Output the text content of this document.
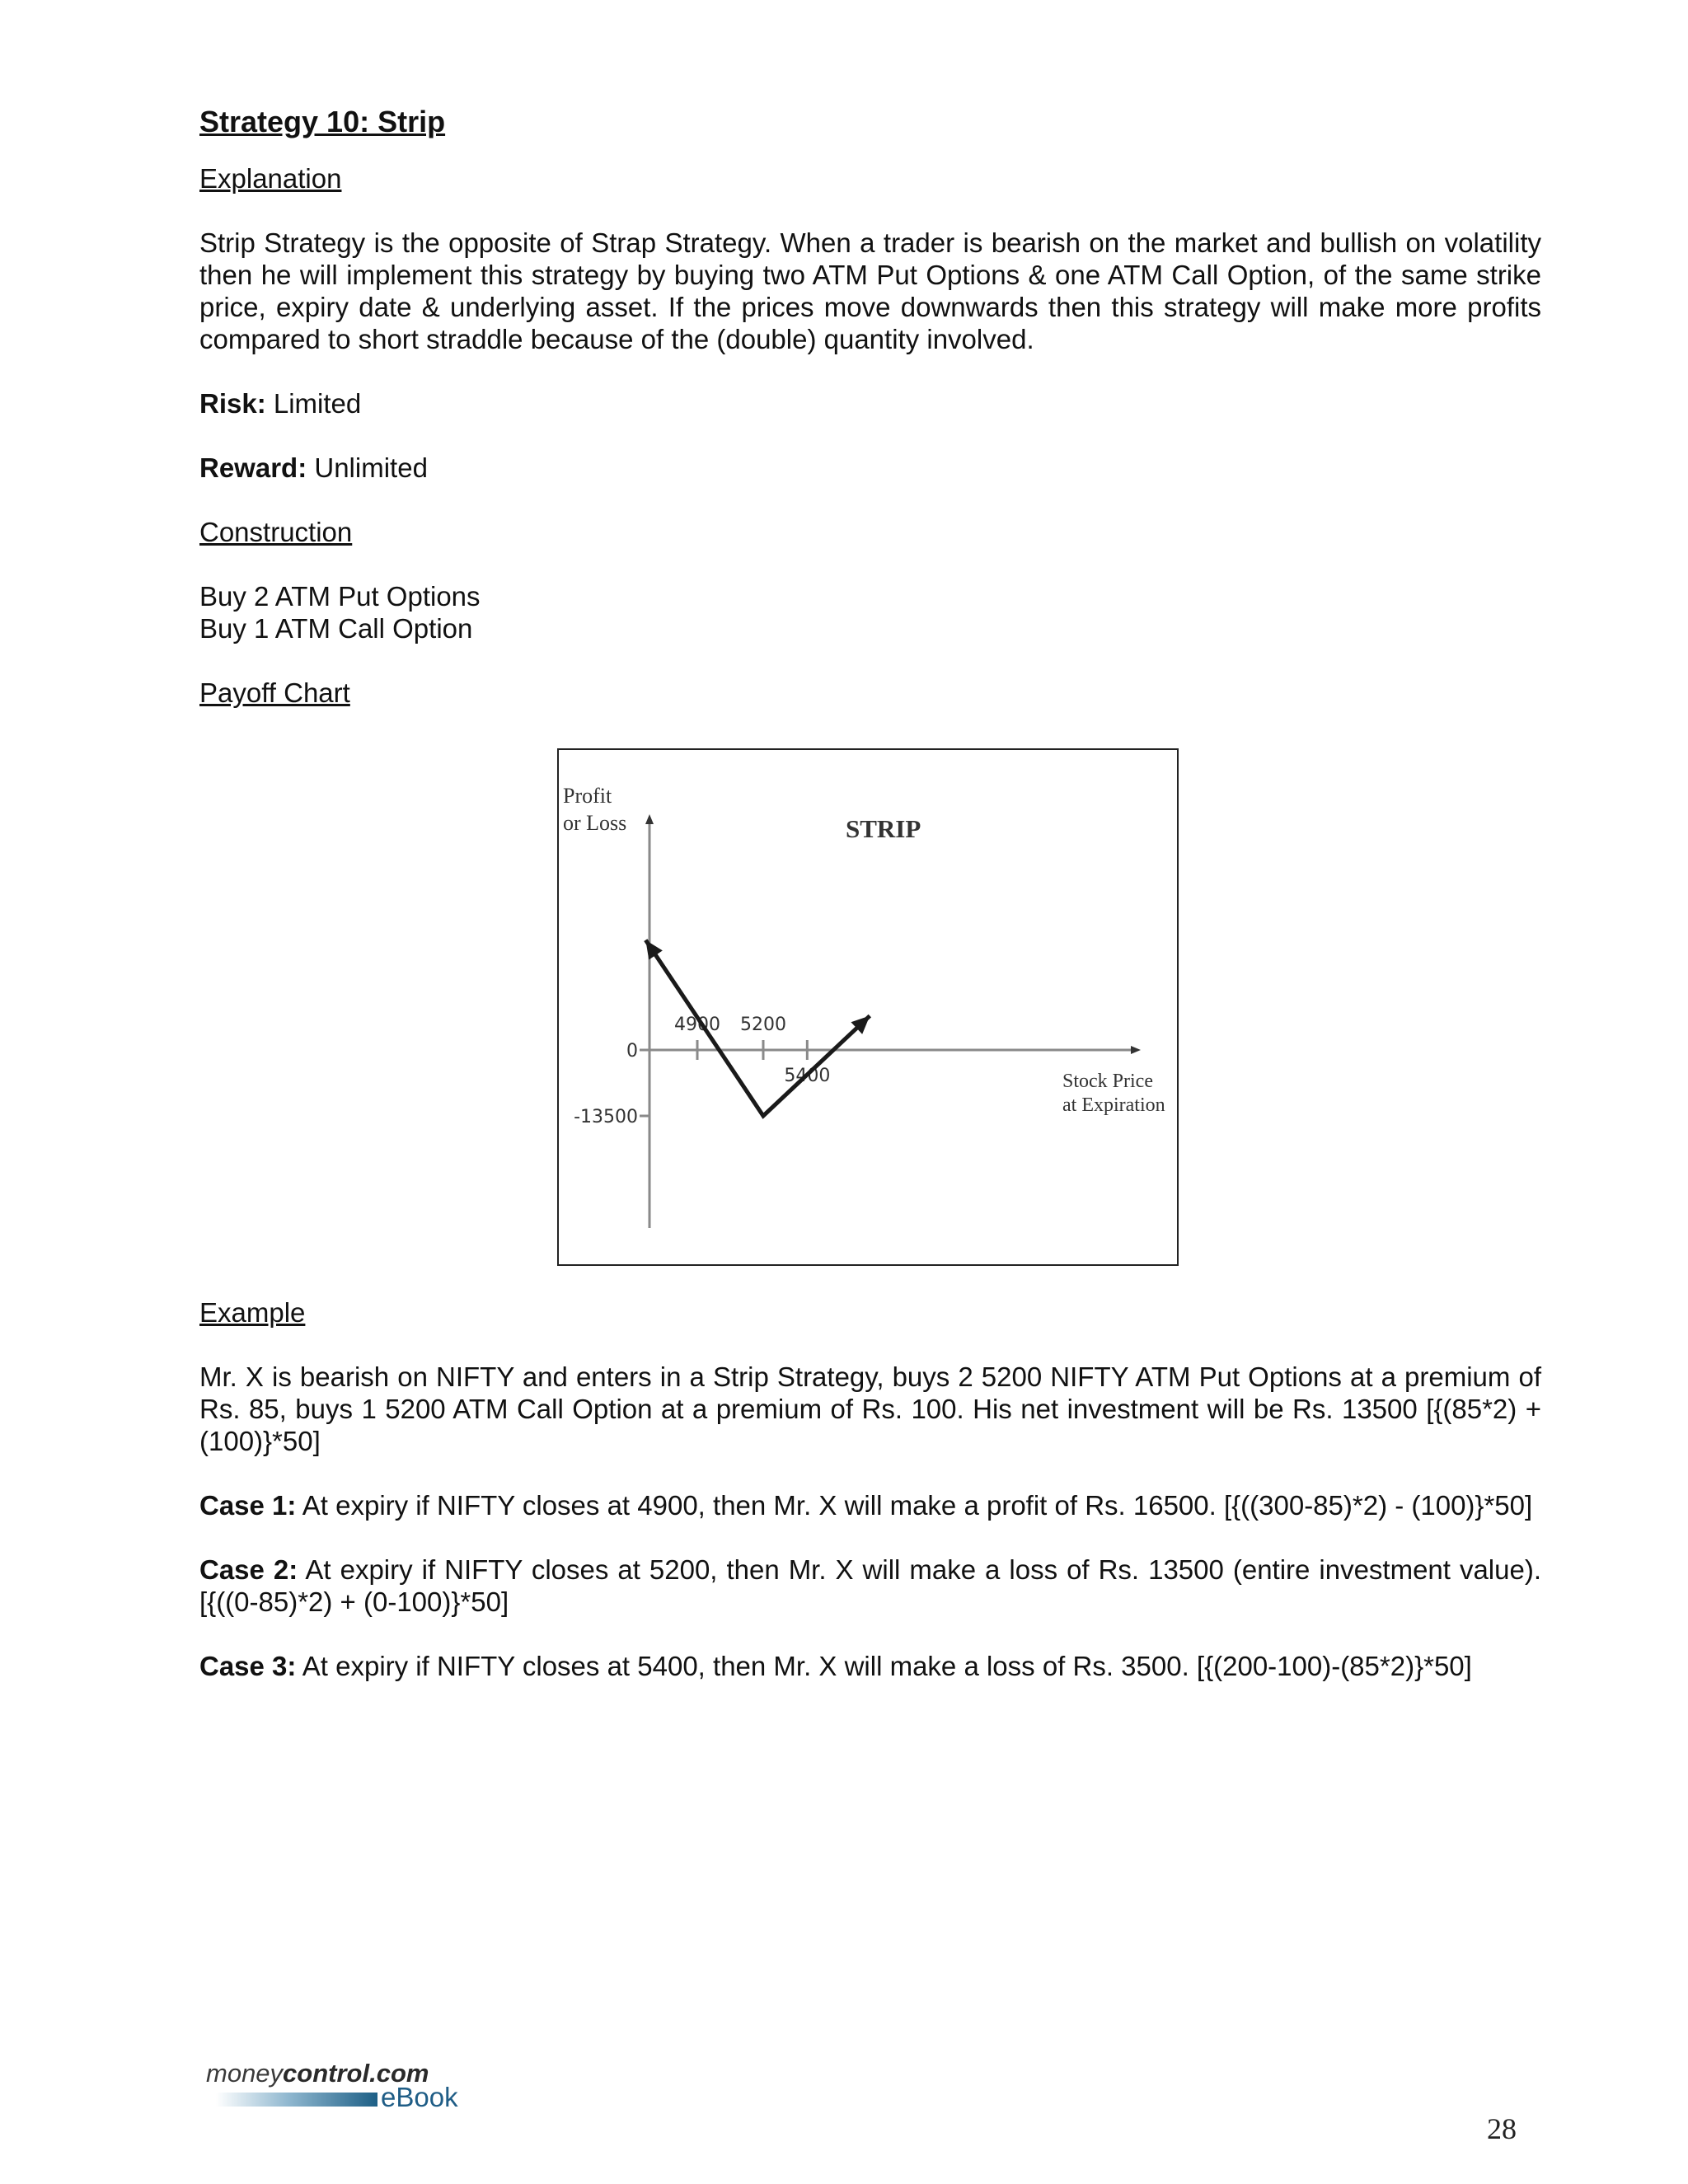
Strategy 10: Strip
Explanation

Strip Strategy is the opposite of Strap Strategy. When a trader is bearish on the market and bullish on volatility then he will implement this strategy by buying two ATM Put Options & one ATM Call Option, of the same strike price, expiry date & underlying asset. If the prices move downwards then this strategy will make more profits compared to short straddle because of the (double) quantity involved.

Risk: Limited

Reward: Unlimited

Construction

Buy 2 ATM Put Options
Buy 1 ATM Call Option

Payoff Chart
Profit
or Loss
Stock Price
at Expiration
STRIP
4900 5200
5400
0
-13500
Example

Mr. X is bearish on NIFTY and enters in a Strip Strategy, buys 2 5200 NIFTY ATM Put Options at a premium of Rs. 85, buys 1 5200 ATM Call Option at a premium of Rs. 100. His net investment will be Rs. 13500 [{(85*2) + (100)}*50]

Case 1: At expiry if NIFTY closes at 4900, then Mr. X will make a profit of Rs. 16500. [{((300-85)*2) - (100)}*50]

Case 2: At expiry if NIFTY closes at 5200, then Mr. X will make a loss of Rs. 13500 (entire investment value). [{((0-85)*2) + (0-100)}*50]

Case 3: At expiry if NIFTY closes at 5400, then Mr. X will make a loss of Rs. 3500. [{(200-100)-(85*2)}*50]

moneycontrol.com
eBook
28
